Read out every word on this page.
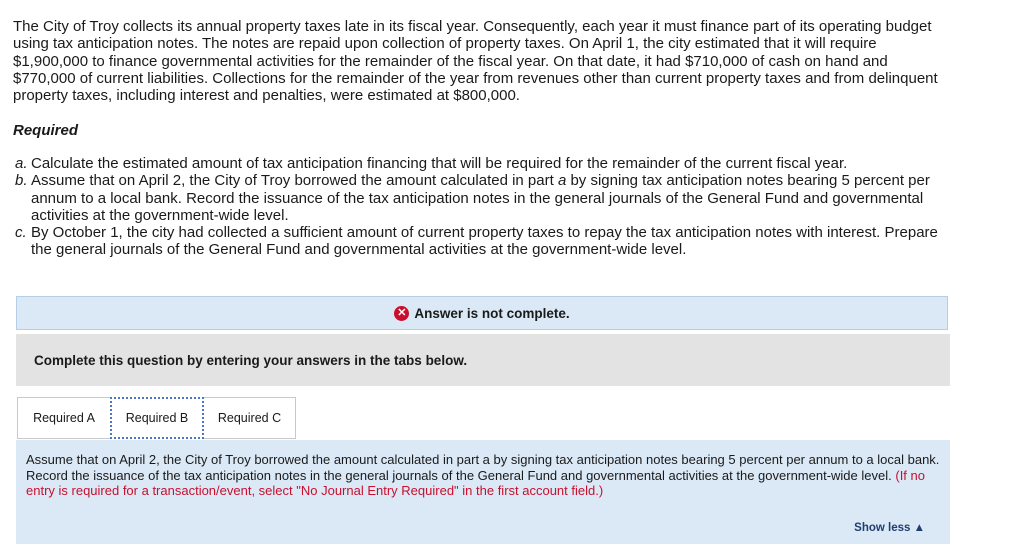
The City of Troy collects its annual property taxes late in its fiscal year. Consequently, each year it must finance part of its operating budget using tax anticipation notes. The notes are repaid upon collection of property taxes. On April 1, the city estimated that it will require $1,900,000 to finance governmental activities for the remainder of the fiscal year. On that date, it had $710,000 of cash on hand and $770,000 of current liabilities. Collections for the remainder of the year from revenues other than current property taxes and from delinquent property taxes, including interest and penalties, were estimated at $800,000.

Required

a. Calculate the estimated amount of tax anticipation financing that will be required for the remainder of the current fiscal year.
b. Assume that on April 2, the City of Troy borrowed the amount calculated in part a by signing tax anticipation notes bearing 5 percent per annum to a local bank. Record the issuance of the tax anticipation notes in the general journals of the General Fund and governmental activities at the government-wide level.
c. By October 1, the city had collected a sufficient amount of current property taxes to repay the tax anticipation notes with interest. Prepare the general journals of the General Fund and governmental activities at the government-wide level.
✕ Answer is not complete.
Complete this question by entering your answers in the tabs below.
Required A	Required B	Required C
Assume that on April 2, the City of Troy borrowed the amount calculated in part a by signing tax anticipation notes bearing 5 percent per annum to a local bank. Record the issuance of the tax anticipation notes in the general journals of the General Fund and governmental activities at the government-wide level. (If no entry is required for a transaction/event, select "No Journal Entry Required" in the first account field.)
Show less ▲
